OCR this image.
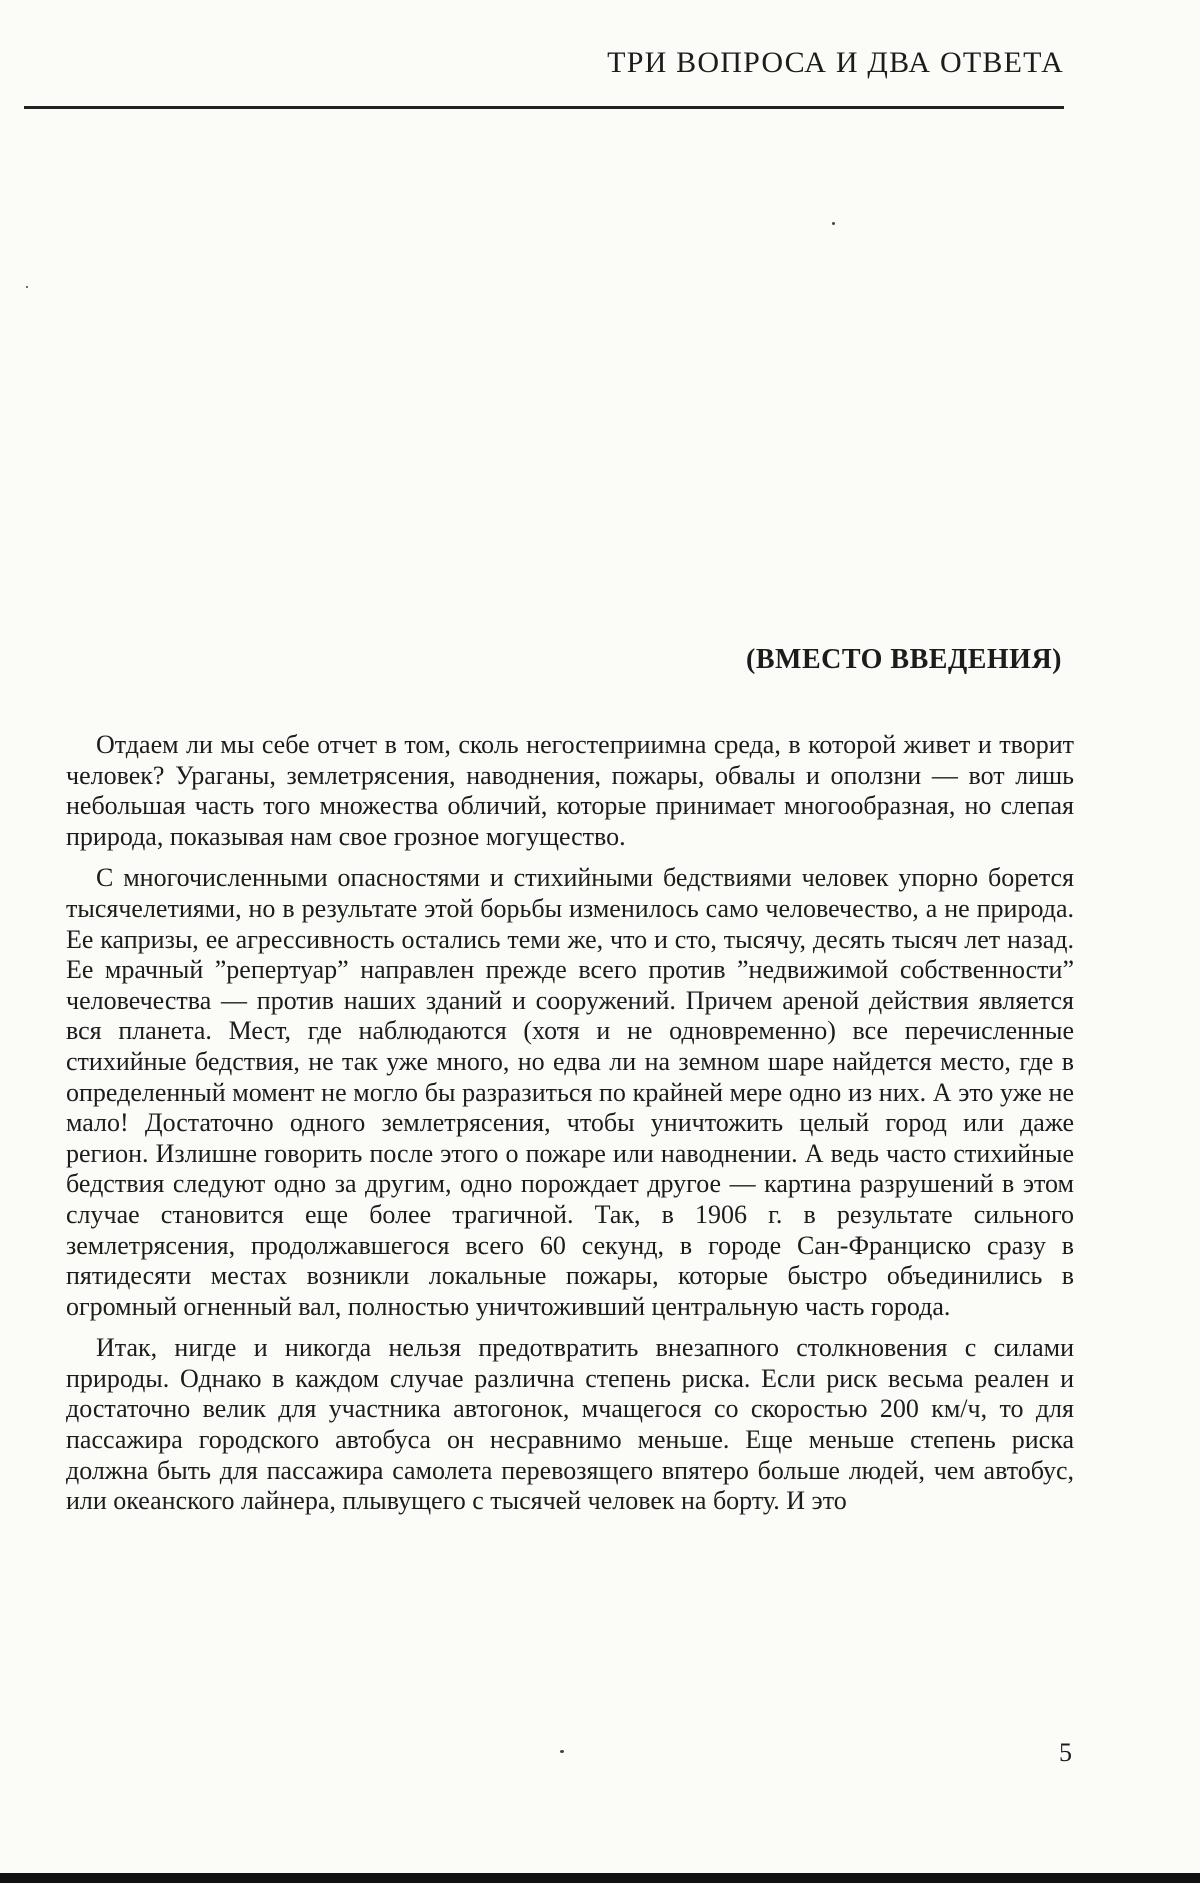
ТРИ ВОПРОСА И ДВА ОТВЕТА
(ВМЕСТО ВВЕДЕНИЯ)

Отдаем ли мы себе отчет в том, сколь негостеприимна среда, в которой живет и творит человек? Ураганы, землетрясения, наводнения, пожары, обвалы и оползни — вот лишь небольшая часть того множества обличий, которые принимает многообразная, но слепая природа, показывая нам свое грозное могущество.

С многочисленными опасностями и стихийными бедствиями человек упорно борется тысячелетиями, но в результате этой борьбы изменилось само человечество, а не природа. Ее капризы, ее агрессивность остались теми же, что и сто, тысячу, десять тысяч лет назад. Ее мрачный ”репертуар” направлен прежде всего против ”недвижимой собственности” человечества — против наших зданий и сооружений. Причем ареной действия является вся планета. Мест, где наблюдаются (хотя и не одновременно) все перечисленные стихийные бедствия, не так уже много, но едва ли на земном шаре найдется место, где в определенный момент не могло бы разразиться по крайней мере одно из них. А это уже не мало! Достаточно одного землетрясения, чтобы уничтожить целый город или даже регион. Излишне говорить после этого о пожаре или наводнении. А ведь часто стихийные бедствия следуют одно за другим, одно порождает другое — картина разрушений в этом случае становится еще более трагичной. Так, в 1906 г. в результате сильного землетрясения, продолжавшегося всего 60 секунд, в городе Сан-Франциско сразу в пятидесяти местах возникли локальные пожары, которые быстро объединились в огромный огненный вал, полностью уничтоживший центральную часть города.

Итак, нигде и никогда нельзя предотвратить внезапного столкновения с силами природы. Однако в каждом случае различна степень риска. Если риск весьма реален и достаточно велик для участника автогонок, мчащегося со скоростью 200 км/ч, то для пассажира городского автобуса он несравнимо меньше. Еще меньше степень риска должна быть для пассажира самолета перевозящего впятеро больше людей, чем автобус, или океанского лайнера, плывущего с тысячей человек на борту. И это

5
